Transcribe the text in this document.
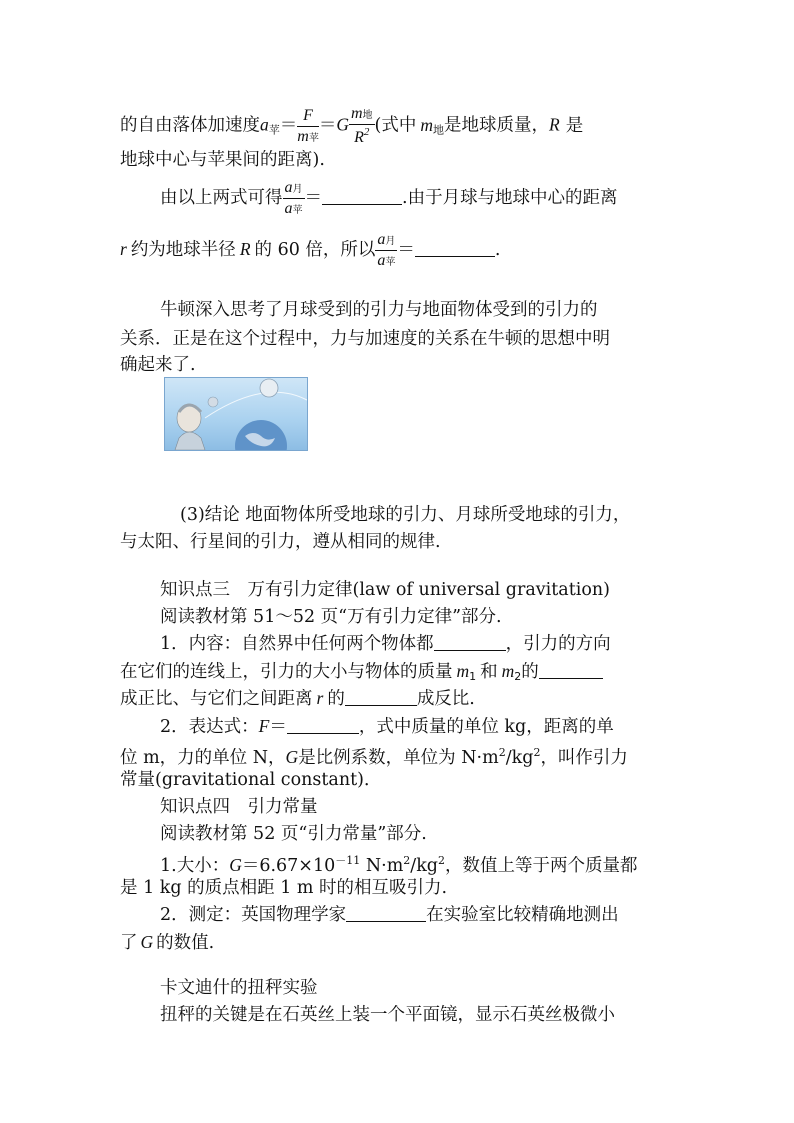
的自由落体加速度$a_苹= \frac{F}{\text{m苹}} =G \frac{\text{m地}}{R^2}$ (式中 $m_地$是地球质量，R 是
地球中心与苹果间的距离).
由以上两式可得 $\frac{\text{a月}}{\text{a苹}}$ ＝	.由于月球与地球中心的距离
r 约为地球半径 R 的 60 倍，所以 $\frac{\text{a月}}{\text{a苹}}$ ＝	.
牛顿深入思考了月球受到的引力与地面物体受到的引力的
关系．正是在这个过程中，力与加速度的关系在牛顿的思想中明
确起来了.
(3)结论 地面物体所受地球的引力、月球所受地球的引力，
与太阳、行星间的引力，遵从相同的规律.
知识点三　万有引力定律(law of universal gravitation)
阅读教材第 51～52 页“万有引力定律”部分.
1．内容：自然界中任何两个物体都	，引力的方向
在它们的连线上，引力的大小与物体的质量 $m_1$ 和 $m_2$的
成正比、与它们之间距离 r 的	成反比.
2．表达式：F＝	，式中质量的单位 kg，距离的单
位 m，力的单位 N，G是比例系数，单位为 $N\cdot m^2/kg^2$，叫作引力
常量(gravitational constant)．
知识点四　引力常量
阅读教材第 52 页“引力常量”部分.
1.大小：$G=6.67\times 10^{-11}$ $N\cdot m^2/kg^2$，数值上等于两个质量都
是 1 kg 的质点相距 1 m 时的相互吸引力.
2．测定：英国物理学家	在实验室比较精确地测出
了 G 的数值.
卡文迪什的扭秤实验
扭秤的关键是在石英丝上装一个平面镜，显示石英丝极微小
